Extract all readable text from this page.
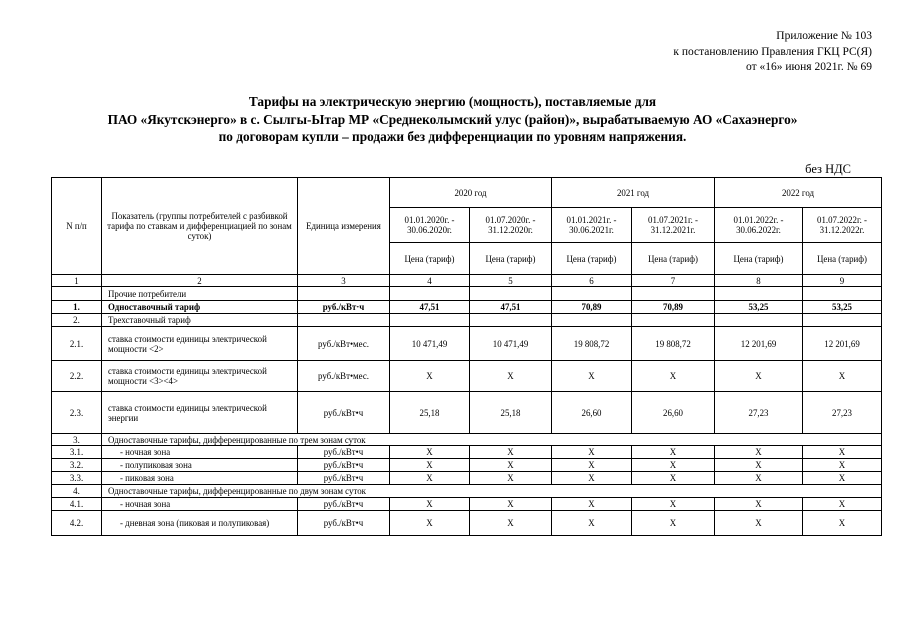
Приложение № 103
к постановлению Правления ГКЦ РС(Я)
от «16» июня 2021г. № 69
Тарифы на электрическую энергию (мощность), поставляемые для
ПАО «Якутскэнерго» в с. Сылгы-Ытар МР «Среднеколымский улус (район)», вырабатываемую АО «Сахаэнерго»
по договорам купли – продажи без дифференциации по уровням напряжения.
без НДС
N п/п	Показатель (группы потребителей с разбивкой тарифа по ставкам и дифференциацией по зонам суток)	Единица измерения	2020 год		2021 год		2022 год	
			01.01.2020г. - 30.06.2020г.	01.07.2020г. - 31.12.2020г.	01.01.2021г. - 30.06.2021г.	01.07.2021г. - 31.12.2021г.	01.01.2022г. - 30.06.2022г.	01.07.2022г. - 31.12.2022г.
			Цена (тариф)	Цена (тариф)	Цена (тариф)	Цена (тариф)	Цена (тариф)	Цена (тариф)
1	2	3	4	5	6	7	8	9
	Прочие потребители							
1.	Одноставочный тариф	руб./кВт·ч	47,51	47,51	70,89	70,89	53,25	53,25
2.	Трехставочный тариф							
2.1.	ставка стоимости единицы электрической мощности <2>	руб./кВт•мес.	10 471,49	10 471,49	19 808,72	19 808,72	12 201,69	12 201,69
2.2.	ставка стоимости единицы электрической мощности <3><4>	руб./кВт•мес.	X	X	X	X	X	X
2.3.	ставка стоимости единицы электрической энергии	руб./кВт•ч	25,18	25,18	26,60	26,60	27,23	27,23
3.	Одноставочные тарифы, дифференцированные по трем зонам суток							
3.1.	- ночная зона	руб./кВт•ч	X	X	X	X	X	X
3.2.	- полупиковая зона	руб./кВт•ч	X	X	X	X	X	X
3.3.	- пиковая зона	руб./кВт•ч	X	X	X	X	X	X
4.	Одноставочные тарифы, дифференцированные по двум зонам суток							
4.1.	- ночная зона	руб./кВт•ч	X	X	X	X	X	X
4.2.	- дневная зона (пиковая и полупиковая)	руб./кВт•ч	X	X	X	X	X	X
